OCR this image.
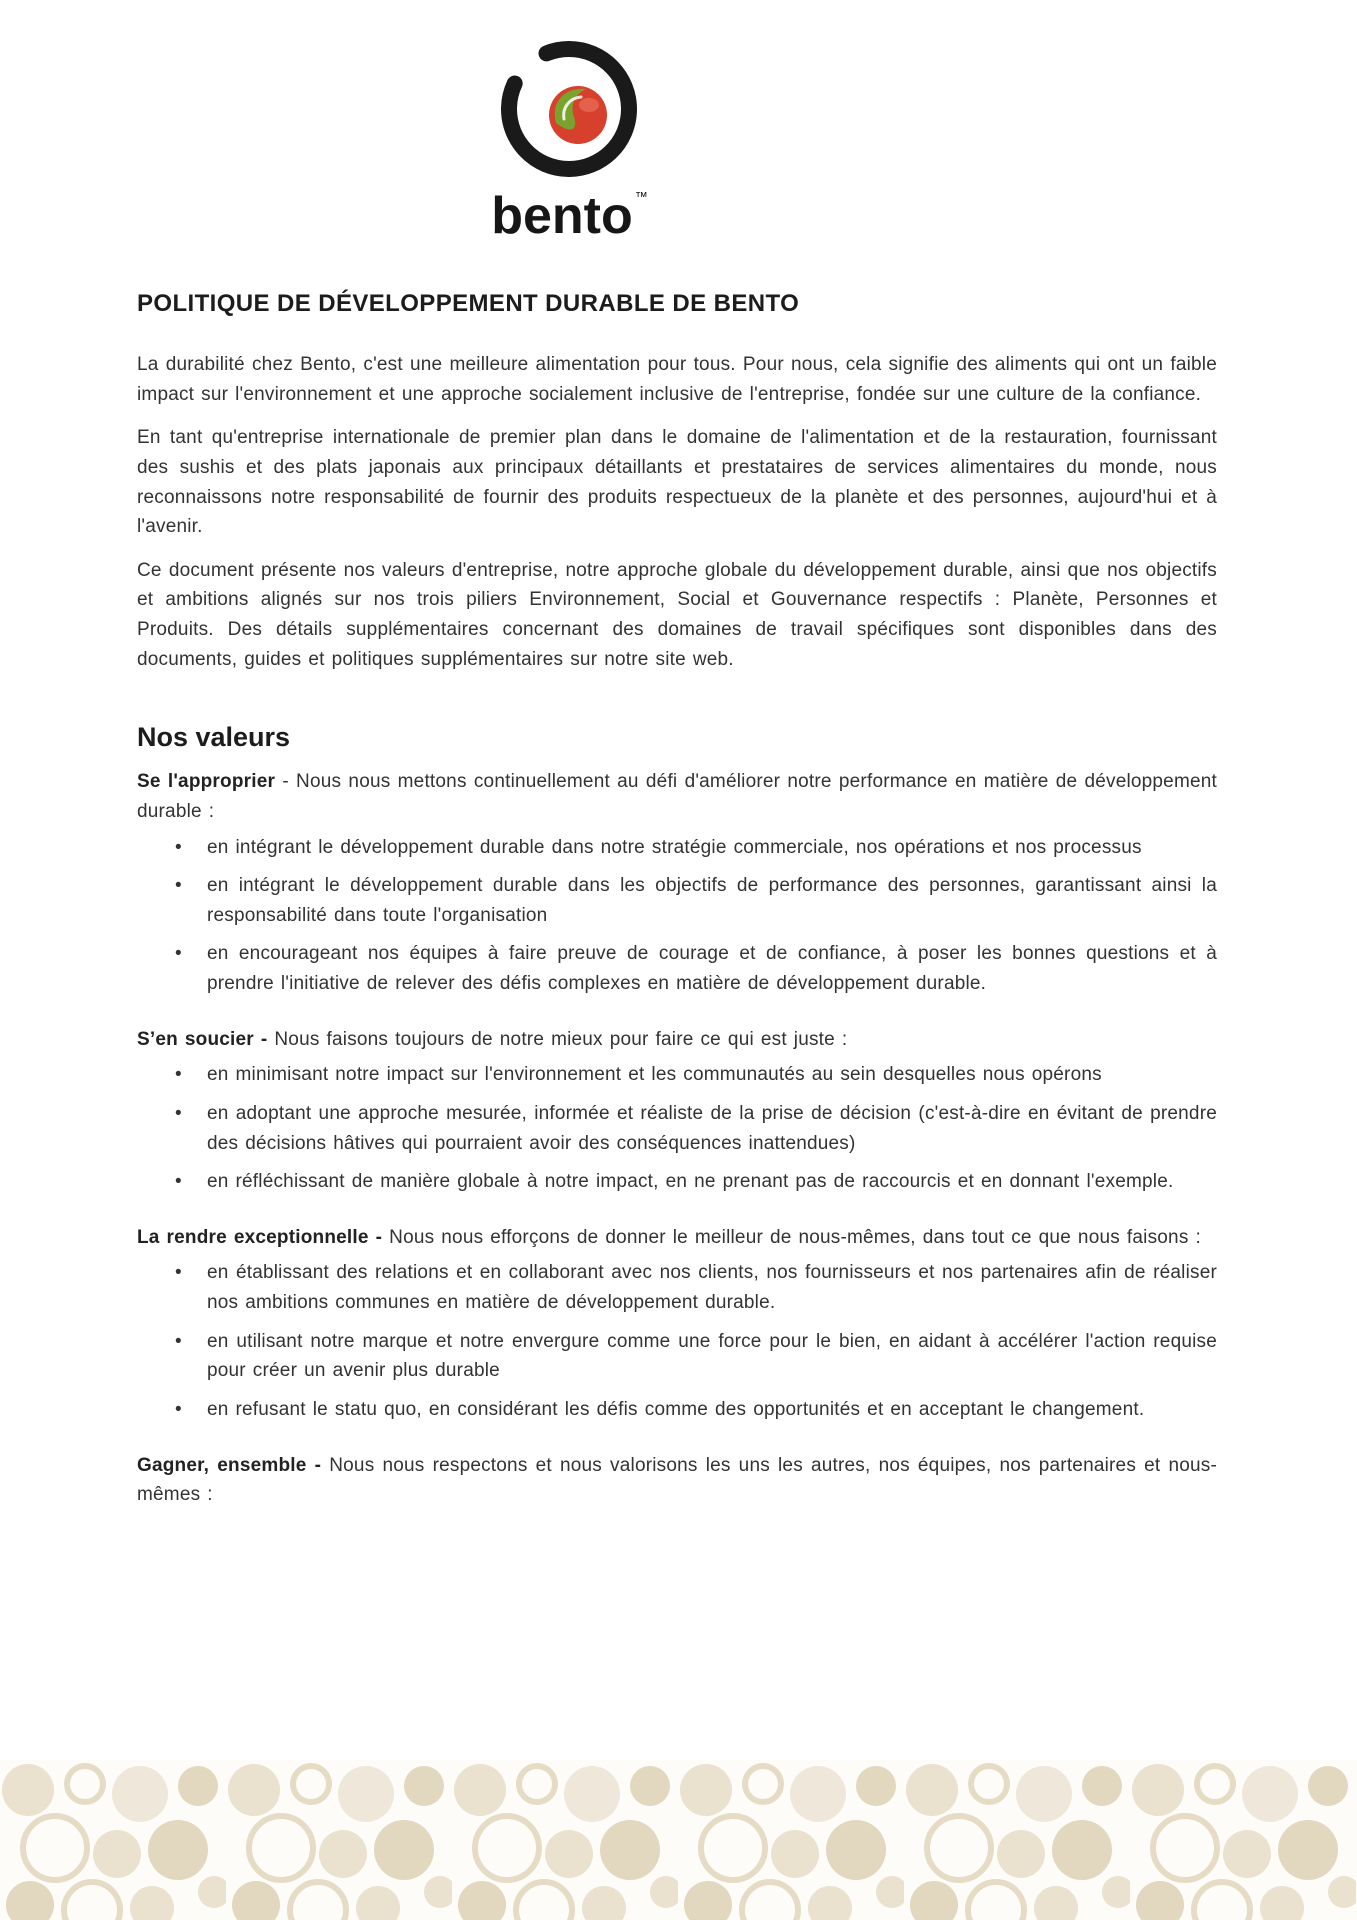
bento ™
POLITIQUE DE DÉVELOPPEMENT DURABLE DE BENTO

La durabilité chez Bento, c'est une meilleure alimentation pour tous. Pour nous, cela signifie des aliments qui ont un faible impact sur l'environnement et une approche socialement inclusive de l'entreprise, fondée sur une culture de la confiance.

En tant qu'entreprise internationale de premier plan dans le domaine de l'alimentation et de la restauration, fournissant des sushis et des plats japonais aux principaux détaillants et prestataires de services alimentaires du monde, nous reconnaissons notre responsabilité de fournir des produits respectueux de la planète et des personnes, aujourd'hui et à l'avenir.

Ce document présente nos valeurs d'entreprise, notre approche globale du développement durable, ainsi que nos objectifs et ambitions alignés sur nos trois piliers Environnement, Social et Gouvernance respectifs : Planète, Personnes et Produits. Des détails supplémentaires concernant des domaines de travail spécifiques sont disponibles dans des documents, guides et politiques supplémentaires sur notre site web.

Nos valeurs

Se l'approprier - Nous nous mettons continuellement au défi d'améliorer notre performance en matière de développement durable :

• en intégrant le développement durable dans notre stratégie commerciale, nos opérations et nos processus
• en intégrant le développement durable dans les objectifs de performance des personnes, garantissant ainsi la responsabilité dans toute l'organisation
• en encourageant nos équipes à faire preuve de courage et de confiance, à poser les bonnes questions et à prendre l'initiative de relever des défis complexes en matière de développement durable.

S’en soucier - Nous faisons toujours de notre mieux pour faire ce qui est juste :

• en minimisant notre impact sur l'environnement et les communautés au sein desquelles nous opérons
• en adoptant une approche mesurée, informée et réaliste de la prise de décision (c'est-à-dire en évitant de prendre des décisions hâtives qui pourraient avoir des conséquences inattendues)
• en réfléchissant de manière globale à notre impact, en ne prenant pas de raccourcis et en donnant l'exemple.

La rendre exceptionnelle - Nous nous efforçons de donner le meilleur de nous-mêmes, dans tout ce que nous faisons :

• en établissant des relations et en collaborant avec nos clients, nos fournisseurs et nos partenaires afin de réaliser nos ambitions communes en matière de développement durable.
• en utilisant notre marque et notre envergure comme une force pour le bien, en aidant à accélérer l'action requise pour créer un avenir plus durable
• en refusant le statu quo, en considérant les défis comme des opportunités et en acceptant le changement.

Gagner, ensemble - Nous nous respectons et nous valorisons les uns les autres, nos équipes, nos partenaires et nous-mêmes :
